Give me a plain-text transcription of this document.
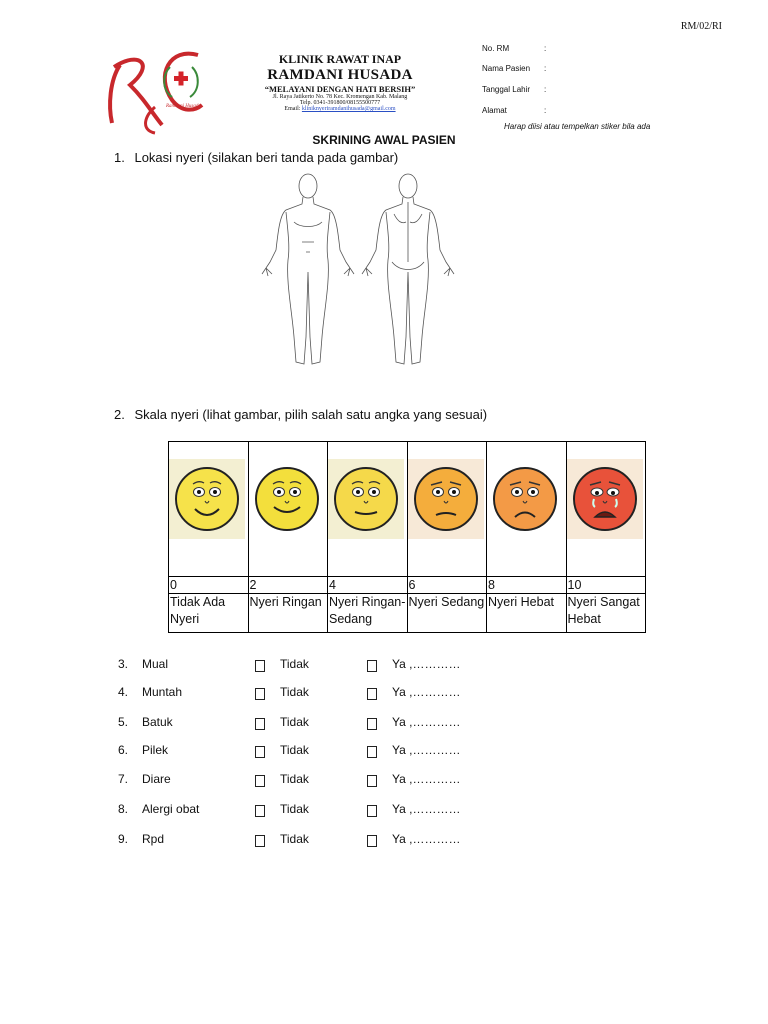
RM/02/RI
Ramdani Husada
KLINIK RAWAT INAP
RAMDANI HUSADA
“MELAYANI DENGAN HATI BERSIH”
Jl. Raya Jatikerto No. 78 Kec. Kromengan Kab. Malang
Telp. 0341-391800/08155500777
Email: kliniknyeriramdanihusada@gmail.com
No. RM	:
Nama Pasien	:
Tanggal Lahir	:
Alamat	:
Harap diisi atau tempelkan stiker bila ada
SKRINING AWAL PASIEN
1. Lokasi nyeri (silakan beri tanda pada gambar)
2. Skala nyeri (lihat gambar, pilih salah satu angka yang sesuai)

0	2	4	6	8	10
Tidak Ada Nyeri	Nyeri Ringan	Nyeri Ringan-Sedang	Nyeri Sedang	Nyeri Hebat	Nyeri Sangat Hebat
3.	Mual	Tidak	Ya ,…………
4.	Muntah	Tidak	Ya ,…………
5.	Batuk	Tidak	Ya ,…………
6.	Pilek	Tidak	Ya ,…………
7.	Diare	Tidak	Ya ,…………
8.	Alergi obat	Tidak	Ya ,…………
9.	Rpd	Tidak	Ya ,…………
